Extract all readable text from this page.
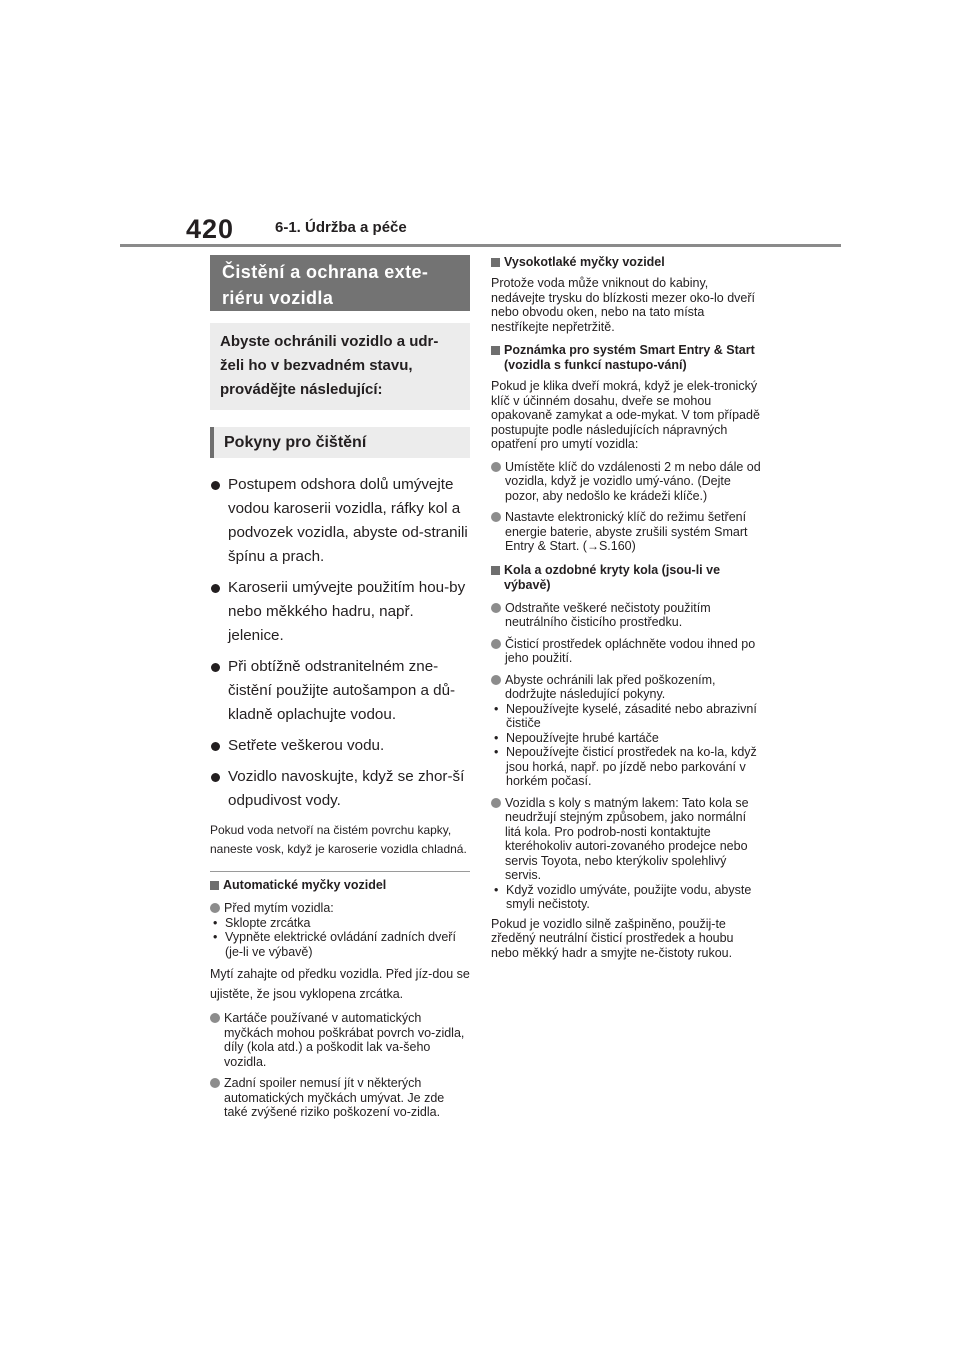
420	6-1. Údržba a péče
Čistění a ochrana exte-riéru vozidla
Abyste ochránili vozidlo a udr-želi ho v bezvadném stavu, provádějte následující:
Pokyny pro čištění
Postupem odshora dolů umývejte vodou karoserii vozidla, ráfky kol a podvozek vozidla, abyste od-stranili špínu a prach.
Karoserii umývejte použitím hou-by nebo měkkého hadru, např. jelenice.
Při obtížně odstranitelném zne-čistění použijte autošampon a dů-kladně oplachujte vodou.
Setřete veškerou vodu.
Vozidlo navoskujte, když se zhor-ší odpudivost vody.
Pokud voda netvoří na čistém povrchu kapky, naneste vosk, když je karoserie vozidla chladná.
Automatické myčky vozidel
Před mytím vozidla:
• Sklopte zrcátka
• Vypněte elektrické ovládání zadních dveří (je-li ve výbavě)
Mytí zahajte od předku vozidla. Před jíz-dou se ujistěte, že jsou vyklopena zrcátka.
Kartáče používané v automatických myčkách mohou poškrábat povrch vo-zidla, díly (kola atd.) a poškodit lak va-šeho vozidla.
Zadní spoiler nemusí jít v některých automatických myčkách umývat. Je zde také zvýšené riziko poškození vo-zidla.
Vysokotlaké myčky vozidel
Protože voda může vniknout do kabiny, nedávejte trysku do blízkosti mezer oko-lo dveří nebo obvodu oken, nebo na tato místa nestříkejte nepřetržitě.
Poznámka pro systém Smart Entry & Start (vozidla s funkcí nastupo-vání)
Pokud je klika dveří mokrá, když je elek-tronický klíč v účinném dosahu, dveře se mohou opakovaně zamykat a ode-mykat. V tom případě postupujte podle následujících nápravných opatření pro umytí vozidla:
Umístěte klíč do vzdálenosti 2 m nebo dále od vozidla, když je vozidlo umý-váno. (Dejte pozor, aby nedošlo ke krádeži klíče.)
Nastavte elektronický klíč do režimu šetření energie baterie, abyste zrušili systém Smart Entry & Start. (→S.160)
Kola a ozdobné kryty kola (jsou-li ve výbavě)
Odstraňte veškeré nečistoty použitím neutrálního čisticího prostředku.
Čisticí prostředek opláchněte vodou ihned po jeho použití.
Abyste ochránili lak před poškozením, dodržujte následující pokyny.
• Nepoužívejte kyselé, zásadité nebo abrazivní čističe
• Nepoužívejte hrubé kartáče
• Nepoužívejte čisticí prostředek na ko-la, když jsou horká, např. po jízdě nebo parkování v horkém počasí.
Vozidla s koly s matným lakem: Tato kola se neudržují stejným způsobem, jako normální litá kola. Pro podrob-nosti kontaktujte kteréhokoliv autori-zovaného prodejce nebo servis Toyota, nebo kterýkoliv spolehlivý servis.
• Když vozidlo umýváte, použijte vodu, abyste smyli nečistoty.
Pokud je vozidlo silně zašpiněno, použij-te zředěný neutrální čisticí prostředek a houbu nebo měkký hadr a smyjte ne-čistoty rukou.
